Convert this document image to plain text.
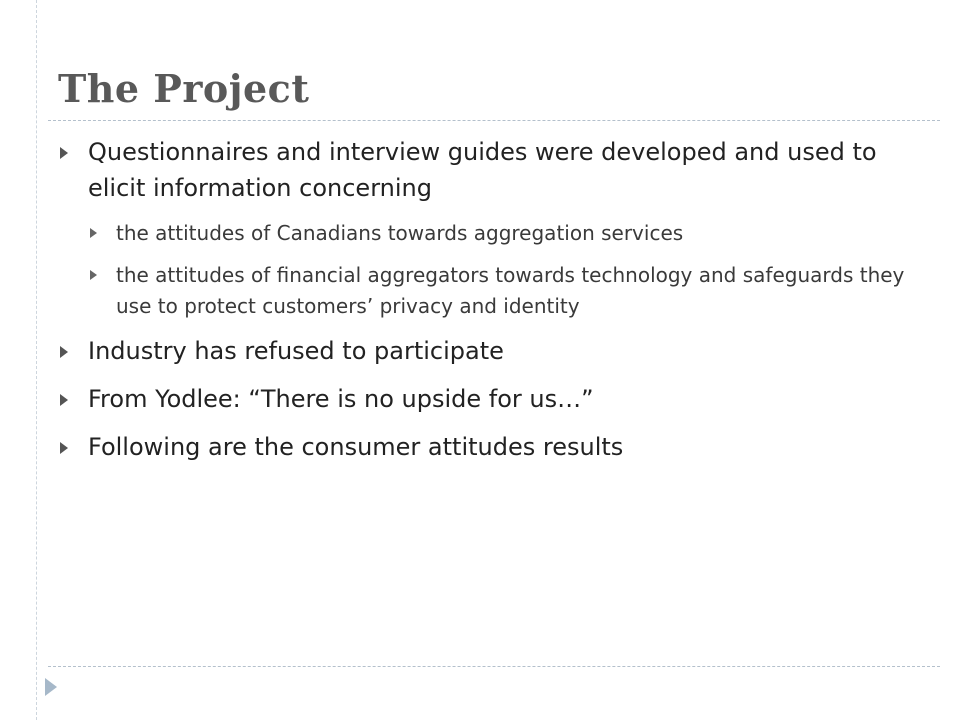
The Project
Questionnaires and interview guides were developed and used to elicit information concerning
the attitudes of Canadians towards aggregation services
the attitudes of financial aggregators towards technology and safeguards they use to protect customers’ privacy and identity
Industry has refused to participate
From Yodlee: “There is no upside for us…”
Following are the consumer attitudes results
